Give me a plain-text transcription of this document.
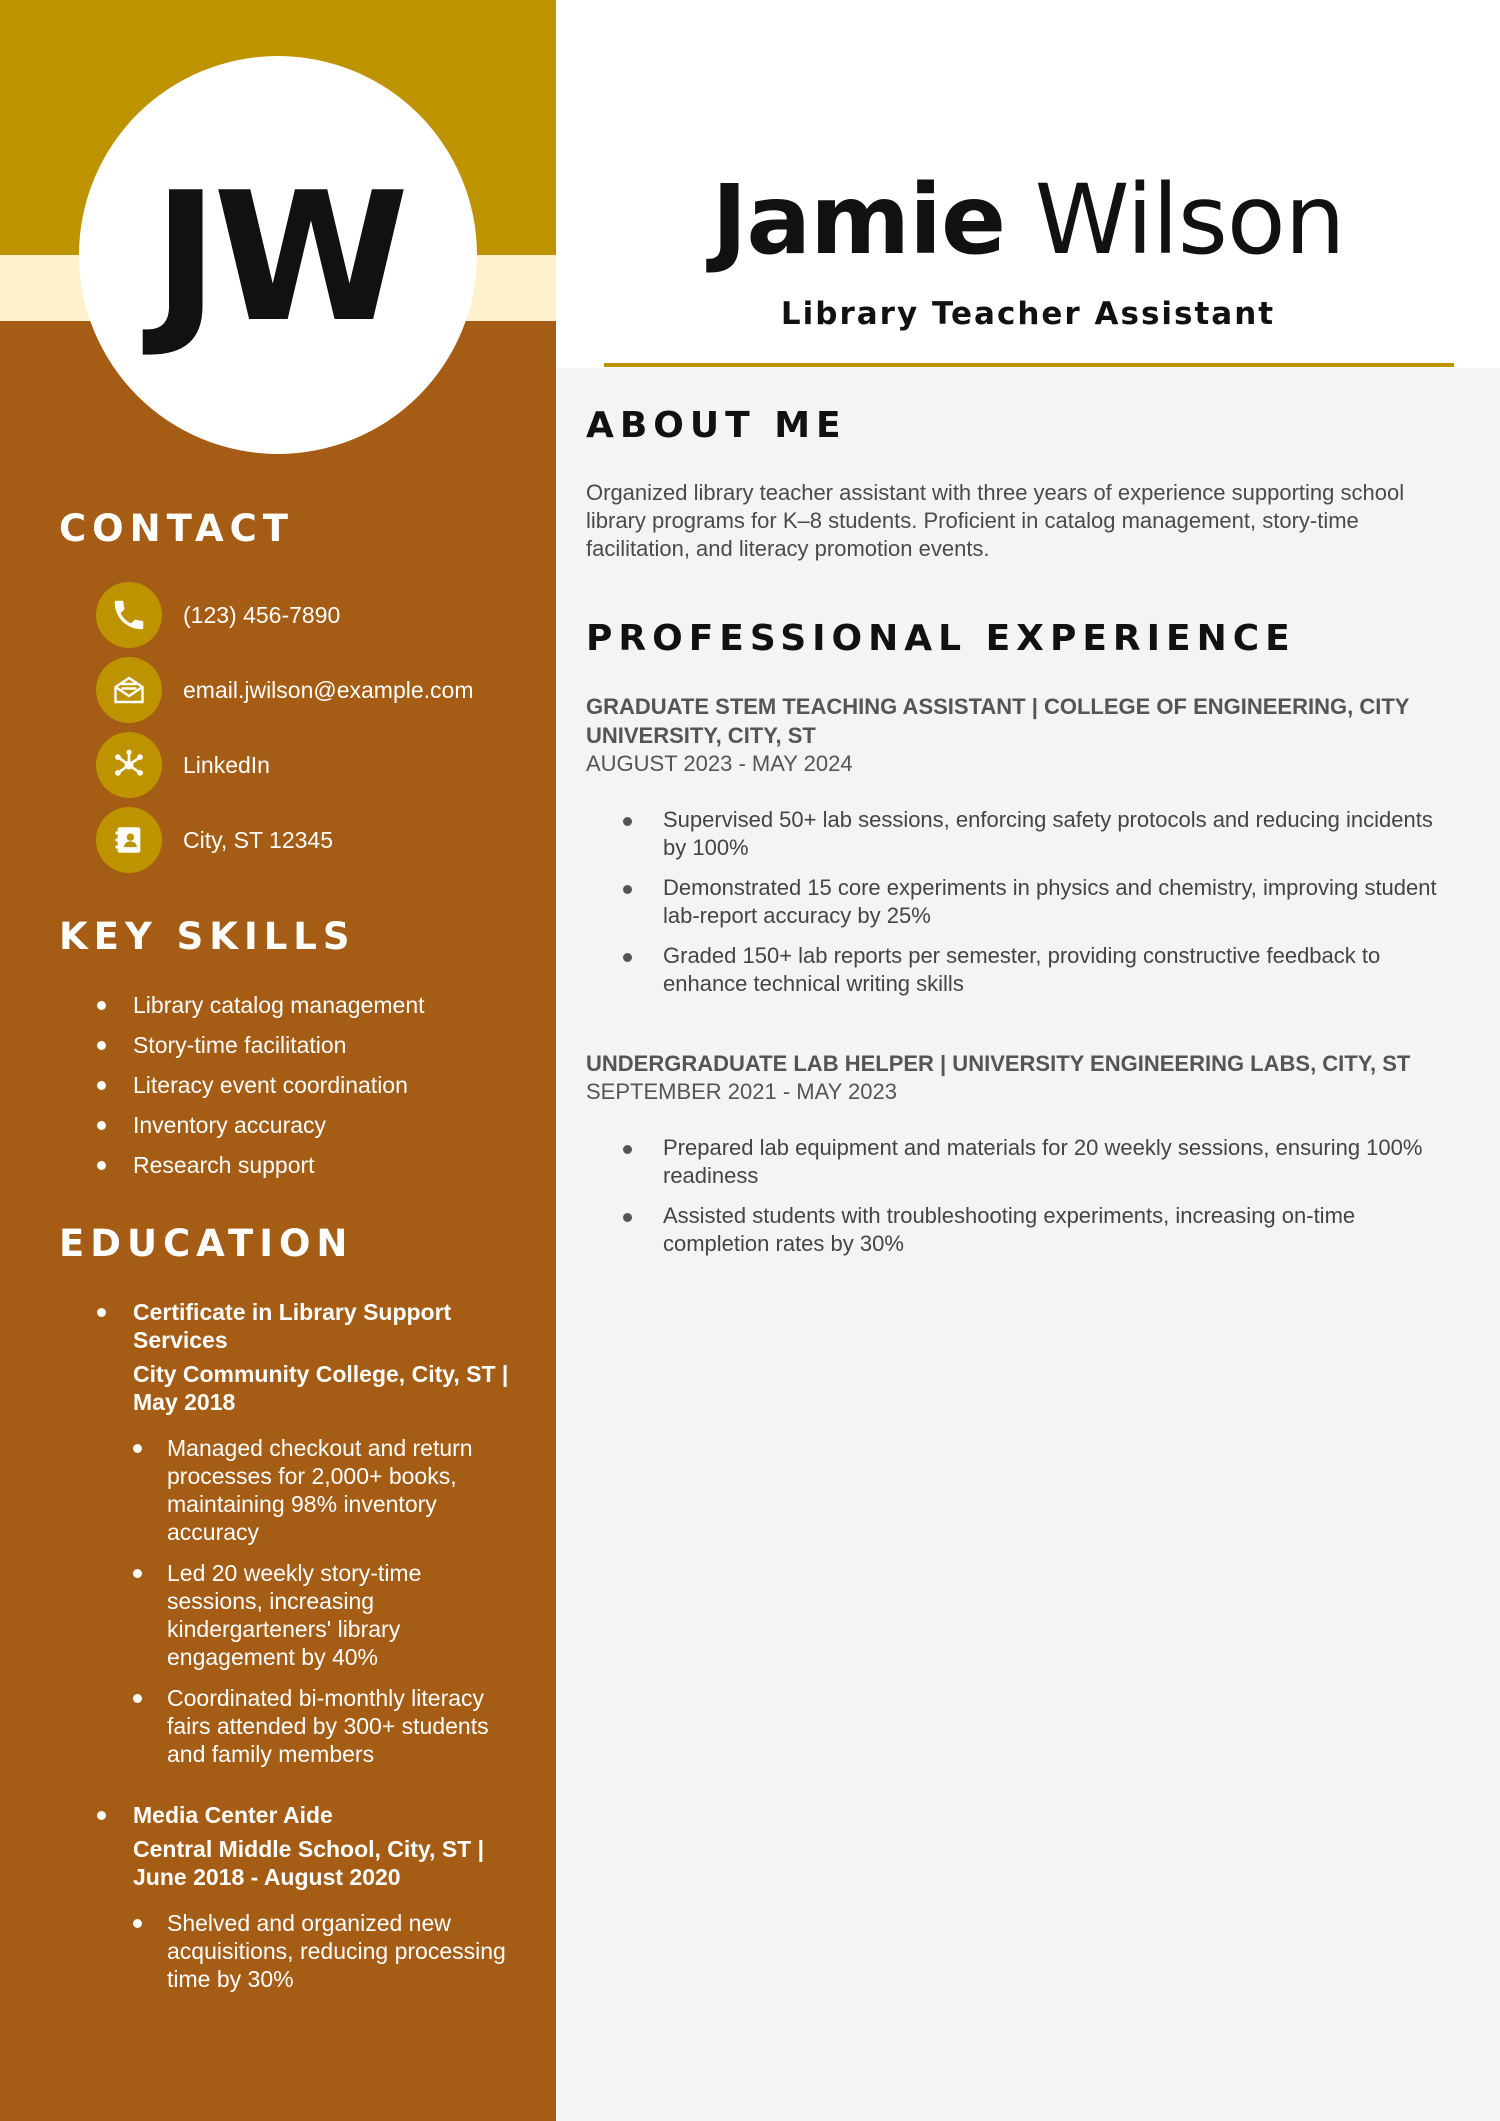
JW
CONTACT
(123) 456-7890
email.jwilson@example.com
LinkedIn
City, ST 12345
KEY SKILLS
Library catalog management
Story-time facilitation
Literacy event coordination
Inventory accuracy
Research support
EDUCATION
Certificate in Library Support Services
City Community College, City, ST | May 2018
Managed checkout and return processes for 2,000+ books, maintaining 98% inventory accuracy
Led 20 weekly story-time sessions, increasing kindergarteners' library engagement by 40%
Coordinated bi-monthly literacy fairs attended by 300+ students and family members
Media Center Aide
Central Middle School, City, ST | June 2018 - August 2020
Shelved and organized new acquisitions, reducing processing time by 30%
Jamie Wilson
Library Teacher Assistant
ABOUT ME

Organized library teacher assistant with three years of experience supporting school library programs for K–8 students. Proficient in catalog management, story-time facilitation, and literacy promotion events.

PROFESSIONAL EXPERIENCE
GRADUATE STEM TEACHING ASSISTANT | COLLEGE OF ENGINEERING, CITY UNIVERSITY, CITY, ST
AUGUST 2023 - MAY 2024
Supervised 50+ lab sessions, enforcing safety protocols and reducing incidents by 100%
Demonstrated 15 core experiments in physics and chemistry, improving student lab-report accuracy by 25%
Graded 150+ lab reports per semester, providing constructive feedback to enhance technical writing skills
UNDERGRADUATE LAB HELPER | UNIVERSITY ENGINEERING LABS, CITY, ST
SEPTEMBER 2021 - MAY 2023
Prepared lab equipment and materials for 20 weekly sessions, ensuring 100% readiness
Assisted students with troubleshooting experiments, increasing on-time completion rates by 30%
